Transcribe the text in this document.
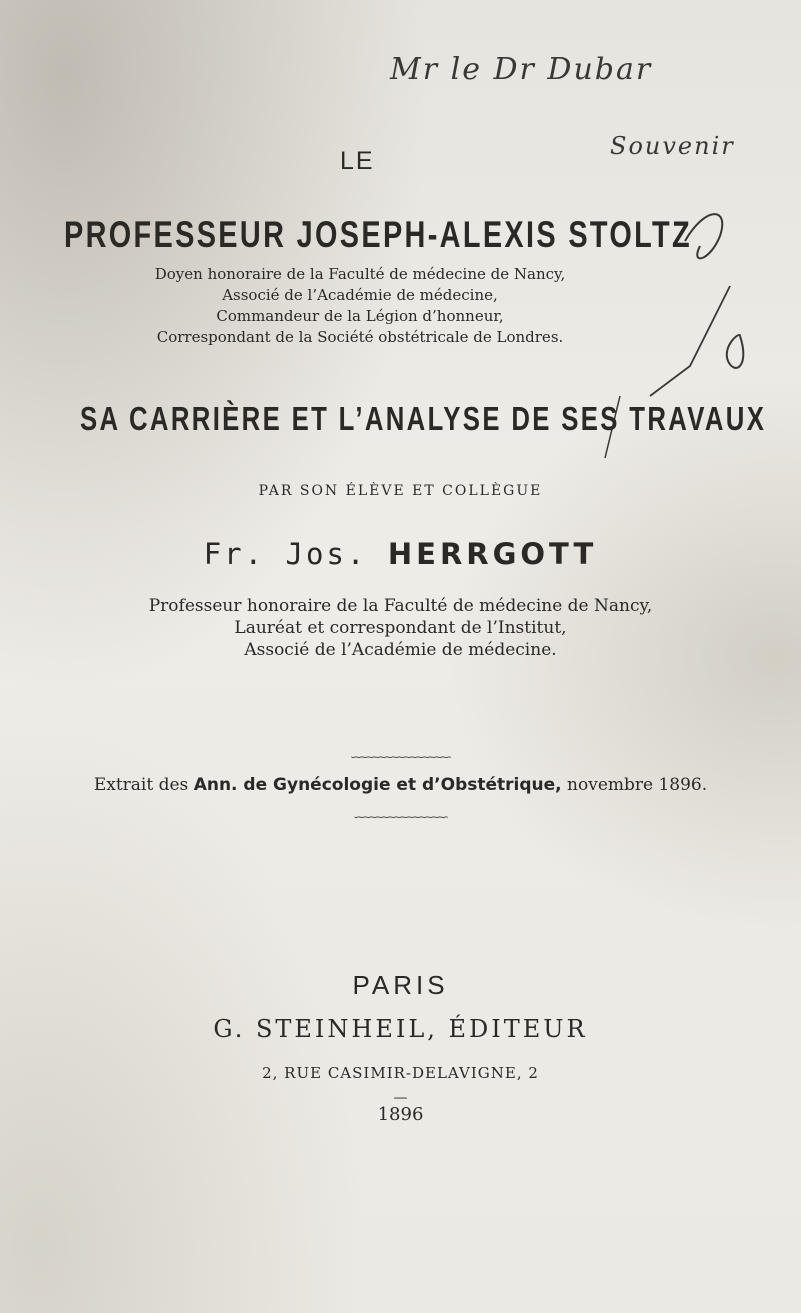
Mr le Dr Dubar
Souvenir
LE
PROFESSEUR JOSEPH-ALEXIS STOLTZ
Doyen honoraire de la Faculté de médecine de Nancy,
Associé de l’Académie de médecine,
Commandeur de la Légion d’honneur,
Correspondant de la Société obstétricale de Londres.
SA CARRIÈRE ET L’ANALYSE DE SES TRAVAUX
PAR SON ÉLÈVE ET COLLÈGUE
Fr. Jos. HERRGOTT
Professeur honoraire de la Faculté de médecine de Nancy,
Lauréat et correspondant de l’Institut,
Associé de l’Académie de médecine.
∽∽∽∽∽∽∽∽∽∽∽∽∽∽∽∽
Extrait des Ann. de Gynécologie et d’Obstétrique, novembre 1896.
∽∽∽∽∽∽∽∽∽∽∽∽∽∽∽
PARIS
G. STEINHEIL, ÉDITEUR
2, RUE CASIMIR-DELAVIGNE, 2
—
1896
